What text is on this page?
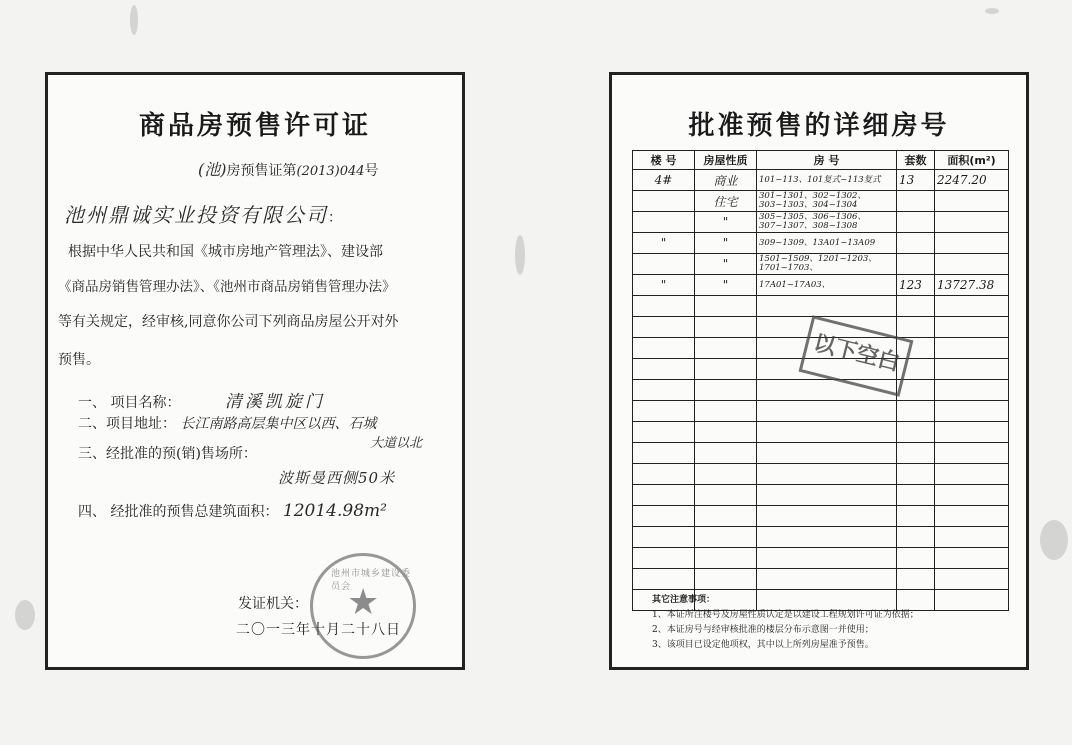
商品房预售许可证
(池)房预售证第(2013)044号
池州鼎诚实业投资有限公司：
根据中华人民共和国《城市房地产管理法》、建设部
《商品房销售管理办法》、《池州市商品房销售管理办法》
等有关规定，经审核,同意你公司下列商品房屋公开对外
预售。
一、 项目名称：	清溪凯旋门
二、项目地址： 长江南路高层集中区以西、石城
大道以北
三、经批准的预(销)售场所：
波斯曼西侧50米
四、 经批准的预售总建筑面积： 12014.98m²
发证机关：
二〇一三年十月二十八日
池州市城乡建设委员会
★
批准预售的详细房号
楼 号	房屋性质	房 号	套数	面积(m²)
4#	商业	101~113、101复式~113复式	13	2247.20
	住宅	301~1301、302~1302、303~1303、304~1304		
	"	305~1305、306~1306、307~1307、308~1308		
"	"	309~1309、13A01~13A09		
	"	1501~1509、1201~1203、1701~1703、		
"	"	17A01~17A03、	123	13727.38

以下空白
其它注意事项：
1、本证所注楼号及房屋性质认定是以建设工程规划许可证为依据；
2、本证房号与经审核批准的楼层分布示意图一并使用；
3、该项目已设定他项权，其中以上所列房屋准予预售。
